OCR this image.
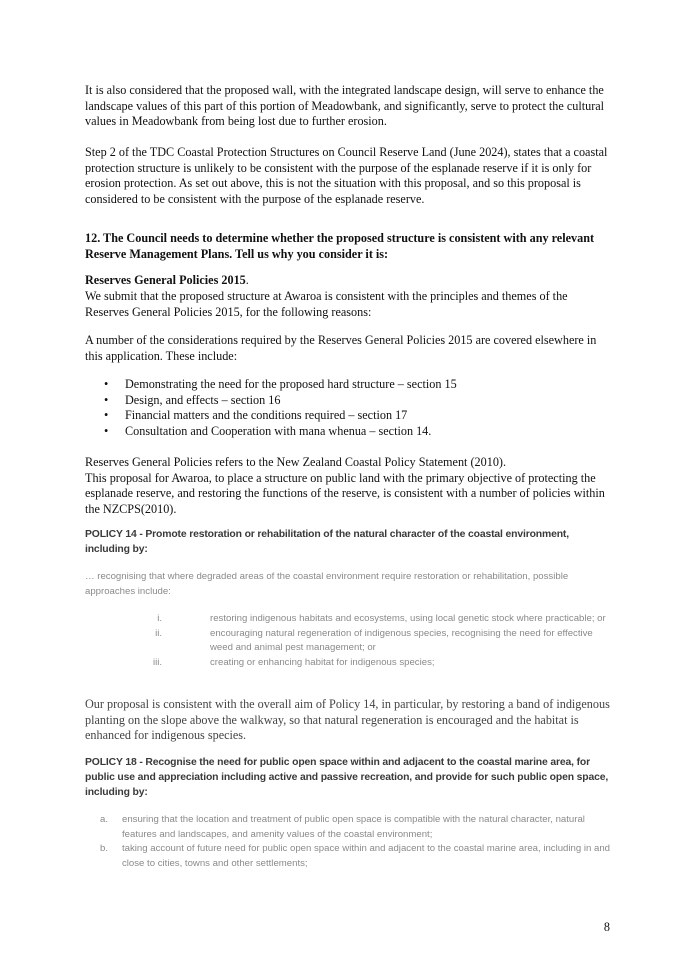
It is also considered that the proposed wall, with the integrated landscape design, will serve to enhance the landscape values of this part of this portion of Meadowbank, and significantly, serve to protect the cultural values in Meadowbank from being lost due to further erosion.

Step 2 of the TDC Coastal Protection Structures on Council Reserve Land (June 2024), states that a coastal protection structure is unlikely to be consistent with the purpose of the esplanade reserve if it is only for erosion protection. As set out above, this is not the situation with this proposal, and so this proposal is considered to be consistent with the purpose of the esplanade reserve.

12. The Council needs to determine whether the proposed structure is consistent with any relevant Reserve Management Plans. Tell us why you consider it is:

Reserves General Policies 2015.

We submit that the proposed structure at Awaroa is consistent with the principles and themes of the Reserves General Policies 2015, for the following reasons:

A number of the considerations required by the Reserves General Policies 2015 are covered elsewhere in this application. These include:

• Demonstrating the need for the proposed hard structure – section 15
• Design, and effects – section 16
• Financial matters and the conditions required – section 17
• Consultation and Cooperation with mana whenua – section 14.

Reserves General Policies refers to the New Zealand Coastal Policy Statement (2010).
This proposal for Awaroa, to place a structure on public land with the primary objective of protecting the esplanade reserve, and restoring the functions of the reserve, is consistent with a number of policies within the NZCPS(2010).

POLICY 14 - Promote restoration or rehabilitation of the natural character of the coastal environment, including by:

… recognising that where degraded areas of the coastal environment require restoration or rehabilitation, possible approaches include:

i.	restoring indigenous habitats and ecosystems, using local genetic stock where practicable; or
ii.	encouraging natural regeneration of indigenous species, recognising the need for effective weed and animal pest management; or
iii.	creating or enhancing habitat for indigenous species;

Our proposal is consistent with the overall aim of Policy 14, in particular, by restoring a band of indigenous planting on the slope above the walkway, so that natural regeneration is encouraged and the habitat is enhanced for indigenous species.

POLICY 18 - Recognise the need for public open space within and adjacent to the coastal marine area, for public use and appreciation including active and passive recreation, and provide for such public open space, including by:

a. ensuring that the location and treatment of public open space is compatible with the natural character, natural features and landscapes, and amenity values of the coastal environment;
b. taking account of future need for public open space within and adjacent to the coastal marine area, including in and close to cities, towns and other settlements;

8
